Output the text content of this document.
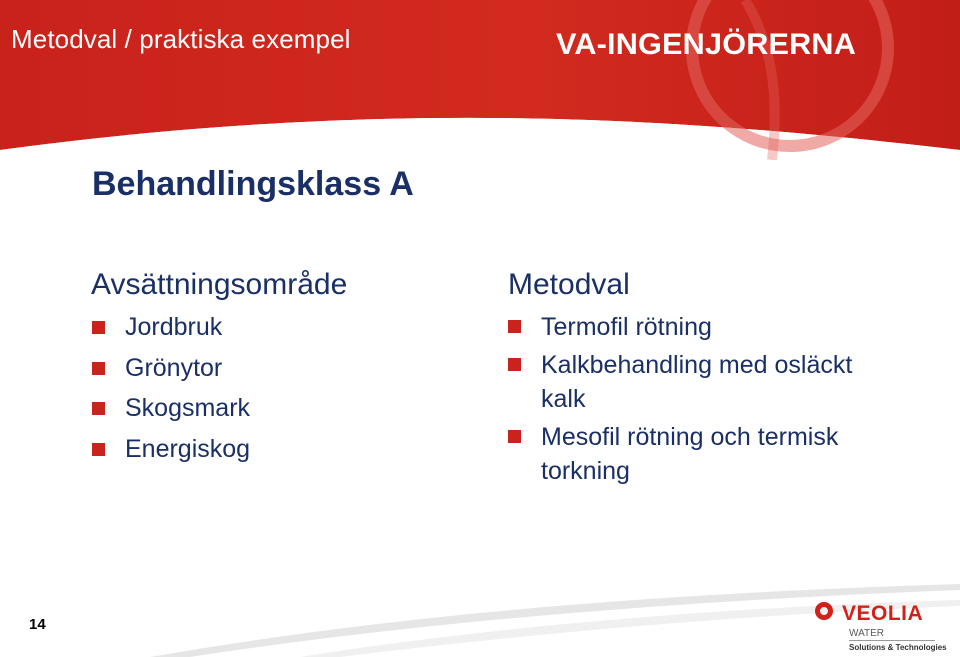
Metodval / praktiska exempel	VA-INGENJÖRERNA
Behandlingsklass A
Avsättningsområde
Jordbruk
Grönytor
Skogsmark
Energiskog
Metodval
Termofil rötning
Kalkbehandling med osläckt kalk
Mesofil rötning och termisk torkning
14	VEOLIA
WATER
Solutions & Technologies
